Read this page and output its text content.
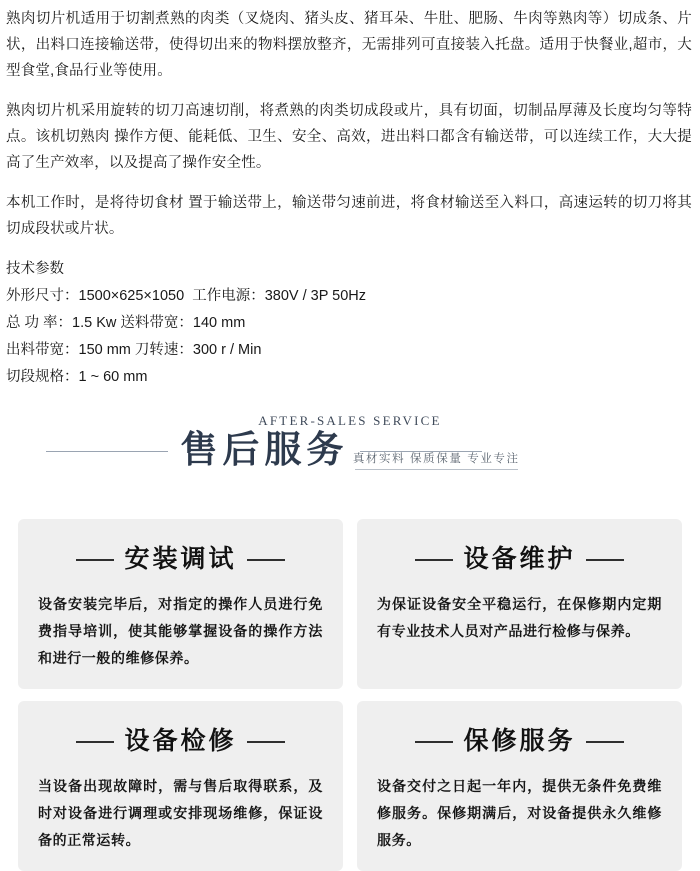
熟肉切片机适用于切割煮熟的肉类（叉烧肉、猪头皮、猪耳朵、牛肚、肥肠、牛肉等熟肉等）切成条、片状，出料口连接输送带，使得切出来的物料摆放整齐，无需排列可直接装入托盘。适用于快餐业,超市，大型食堂,食品行业等使用。

熟肉切片机采用旋转的切刀高速切削，将煮熟的肉类切成段或片，具有切面，切制品厚薄及长度均匀等特点。该机切熟肉 操作方便、能耗低、卫生、安全、高效，进出料口都含有输送带，可以连续工作，大大提高了生产效率，以及提高了操作安全性。

本机工作时，是将待切食材 置于输送带上，输送带匀速前进，将食材输送至入料口，高速运转的切刀将其切成段状或片状。

技术参数
外形尺寸：1500×625×1050  工作电源：380V / 3P 50Hz
总 功 率：1.5 Kw 送料带宽：140 mm
出料带宽：150 mm 刀转速：300 r / Min
切段规格：1 ~ 60 mm
AFTER-SALES SERVICE
售后服务 真材实料 保质保量 专业专注
安装调试
设备安装完毕后，对指定的操作人员进行免费指导培训，使其能够掌握设备的操作方法和进行一般的维修保养。
设备维护
为保证设备安全平稳运行，在保修期内定期有专业技术人员对产品进行检修与保养。
设备检修
当设备出现故障时，需与售后取得联系，及时对设备进行调理或安排现场维修，保证设备的正常运转。
保修服务
设备交付之日起一年内，提供无条件免费维修服务。保修期满后，对设备提供永久维修服务。
